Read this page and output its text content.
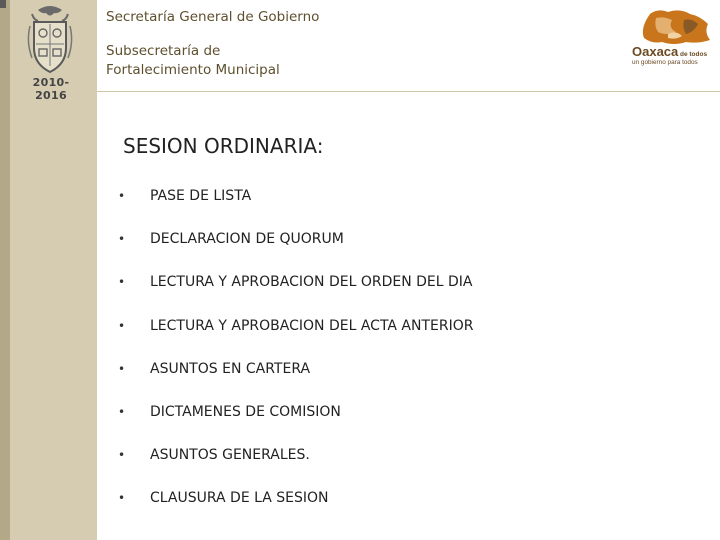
2010-2016
Secretaría General de Gobierno
Subsecretaría de
Fortalecimiento Municipal
Oaxaca de todos
un gobierno para todos
SESION ORDINARIA:
•	PASE DE LISTA
•	DECLARACION DE QUORUM
•	LECTURA Y APROBACION DEL ORDEN DEL DIA
•	LECTURA Y APROBACION DEL ACTA ANTERIOR
•	ASUNTOS EN CARTERA
•	DICTAMENES DE COMISION
•	ASUNTOS GENERALES.
•	CLAUSURA DE LA SESION
